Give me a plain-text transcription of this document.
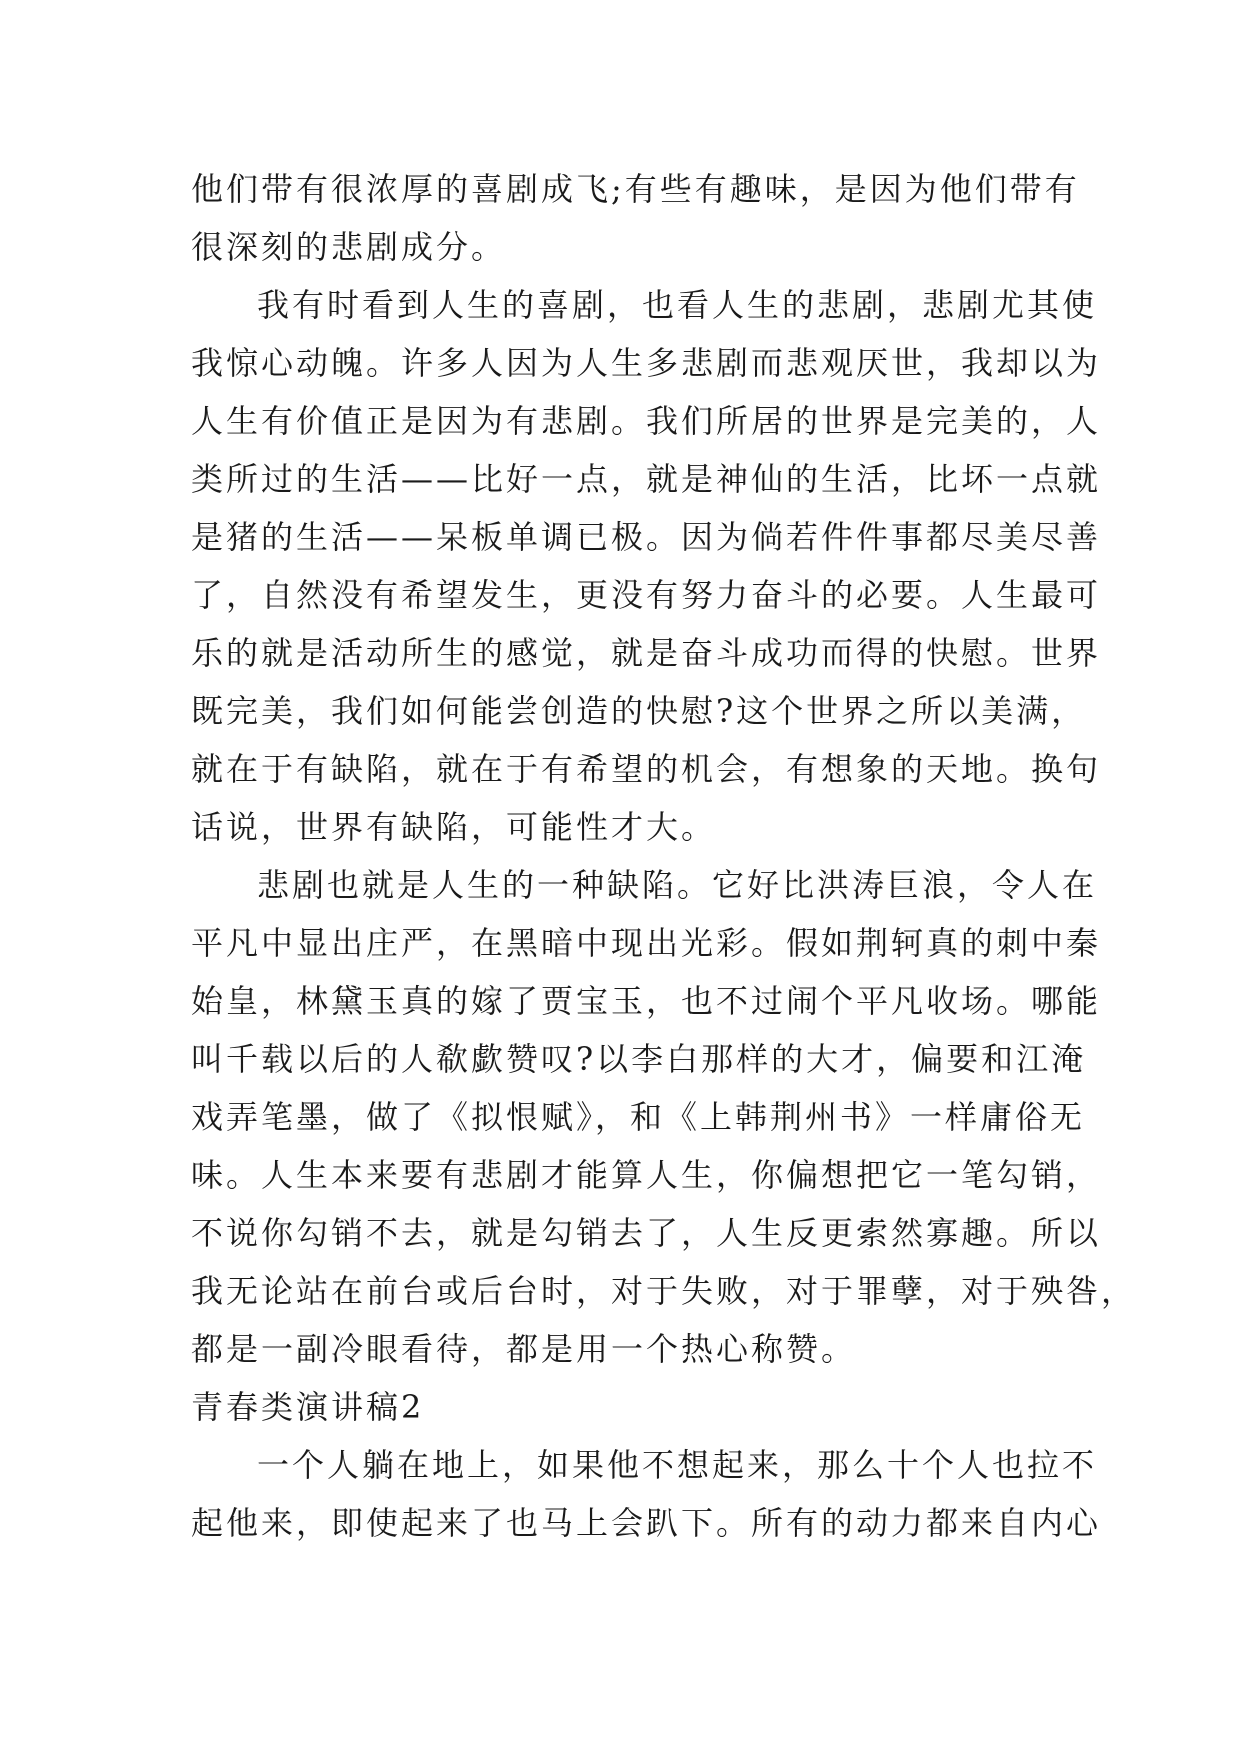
他们带有很浓厚的喜剧成飞;有些有趣味，是因为他们带有
很深刻的悲剧成分。
我有时看到人生的喜剧，也看人生的悲剧，悲剧尤其使
我惊心动魄。许多人因为人生多悲剧而悲观厌世，我却以为
人生有价值正是因为有悲剧。我们所居的世界是完美的，人
类所过的生活——比好一点，就是神仙的生活，比坏一点就
是猪的生活——呆板单调已极。因为倘若件件事都尽美尽善
了，自然没有希望发生，更没有努力奋斗的必要。人生最可
乐的就是活动所生的感觉，就是奋斗成功而得的快慰。世界
既完美，我们如何能尝创造的快慰?这个世界之所以美满，
就在于有缺陷，就在于有希望的机会，有想象的天地。换句
话说，世界有缺陷，可能性才大。
悲剧也就是人生的一种缺陷。它好比洪涛巨浪，令人在
平凡中显出庄严，在黑暗中现出光彩。假如荆轲真的刺中秦
始皇，林黛玉真的嫁了贾宝玉，也不过闹个平凡收场。哪能
叫千载以后的人欷歔赞叹?以李白那样的大才，偏要和江淹
戏弄笔墨，做了《拟恨赋》，和《上韩荆州书》一样庸俗无
味。人生本来要有悲剧才能算人生，你偏想把它一笔勾销，
不说你勾销不去，就是勾销去了，人生反更索然寡趣。所以
我无论站在前台或后台时，对于失败，对于罪孽，对于殃咎，
都是一副冷眼看待，都是用一个热心称赞。
青春类演讲稿2
一个人躺在地上，如果他不想起来，那么十个人也拉不
起他来，即使起来了也马上会趴下。所有的动力都来自内心
